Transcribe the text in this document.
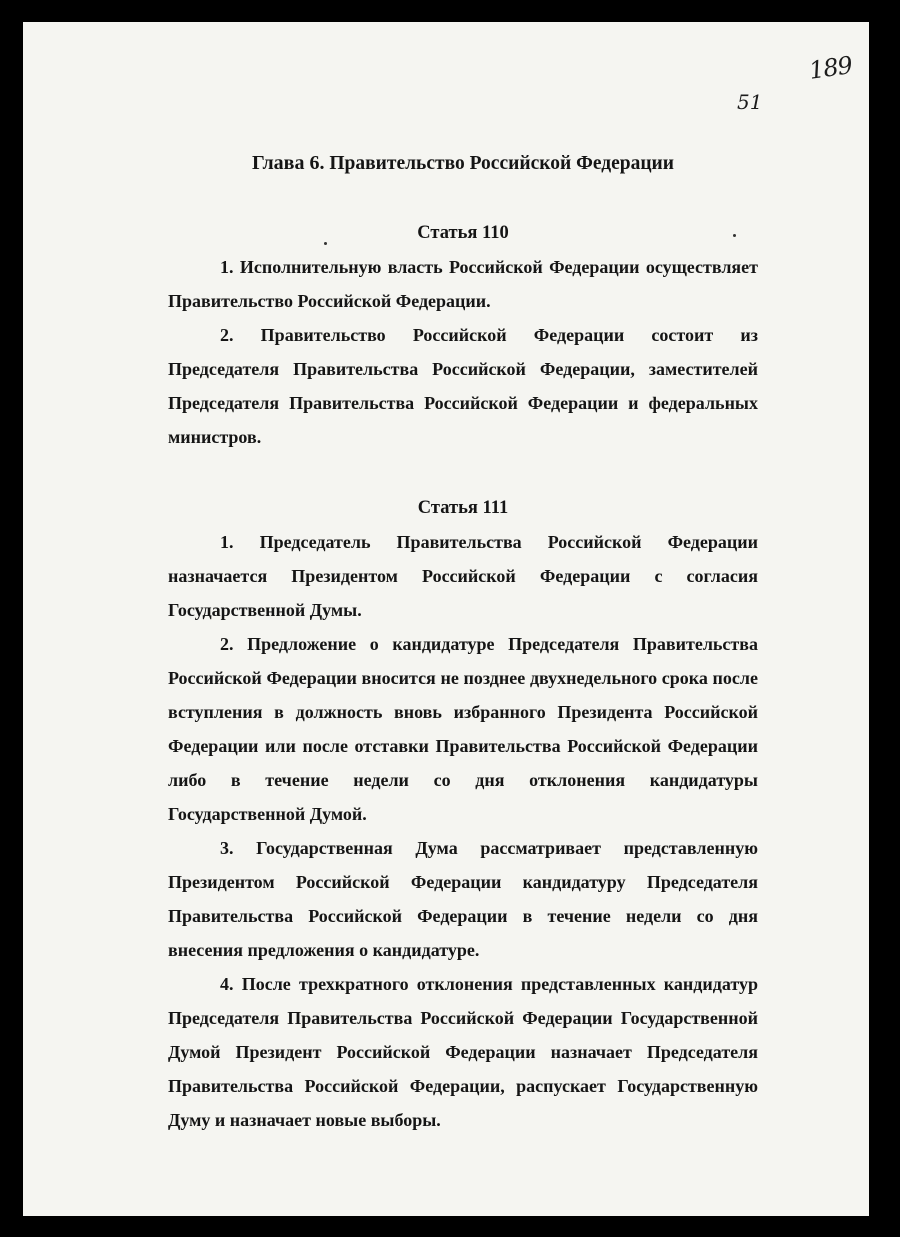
189
51
Глава 6. Правительство Российской Федерации
Статья 110

1. Исполнительную власть Российской Федерации осуществляет Правительство Российской Федерации.

2. Правительство Российской Федерации состоит из Председателя Правительства Российской Федерации, заместителей Председателя Правительства Российской Федерации и федеральных министров.

Статья 111

1. Председатель Правительства Российской Федерации назначается Президентом Российской Федерации с согласия Государственной Думы.

2. Предложение о кандидатуре Председателя Правительства Российской Федерации вносится не позднее двухнедельного срока после вступления в должность вновь избранного Президента Российской Федерации или после отставки Правительства Российской Федерации либо в течение недели со дня отклонения кандидатуры Государственной Думой.

3. Государственная Дума рассматривает представленную Президентом Российской Федерации кандидатуру Председателя Правительства Российской Федерации в течение недели со дня внесения предложения о кандидатуре.

4. После трехкратного отклонения представленных кандидатур Председателя Правительства Российской Федерации Государственной Думой Президент Российской Федерации назначает Председателя Правительства Российской Федерации, распускает Государственную Думу и назначает новые выборы.
